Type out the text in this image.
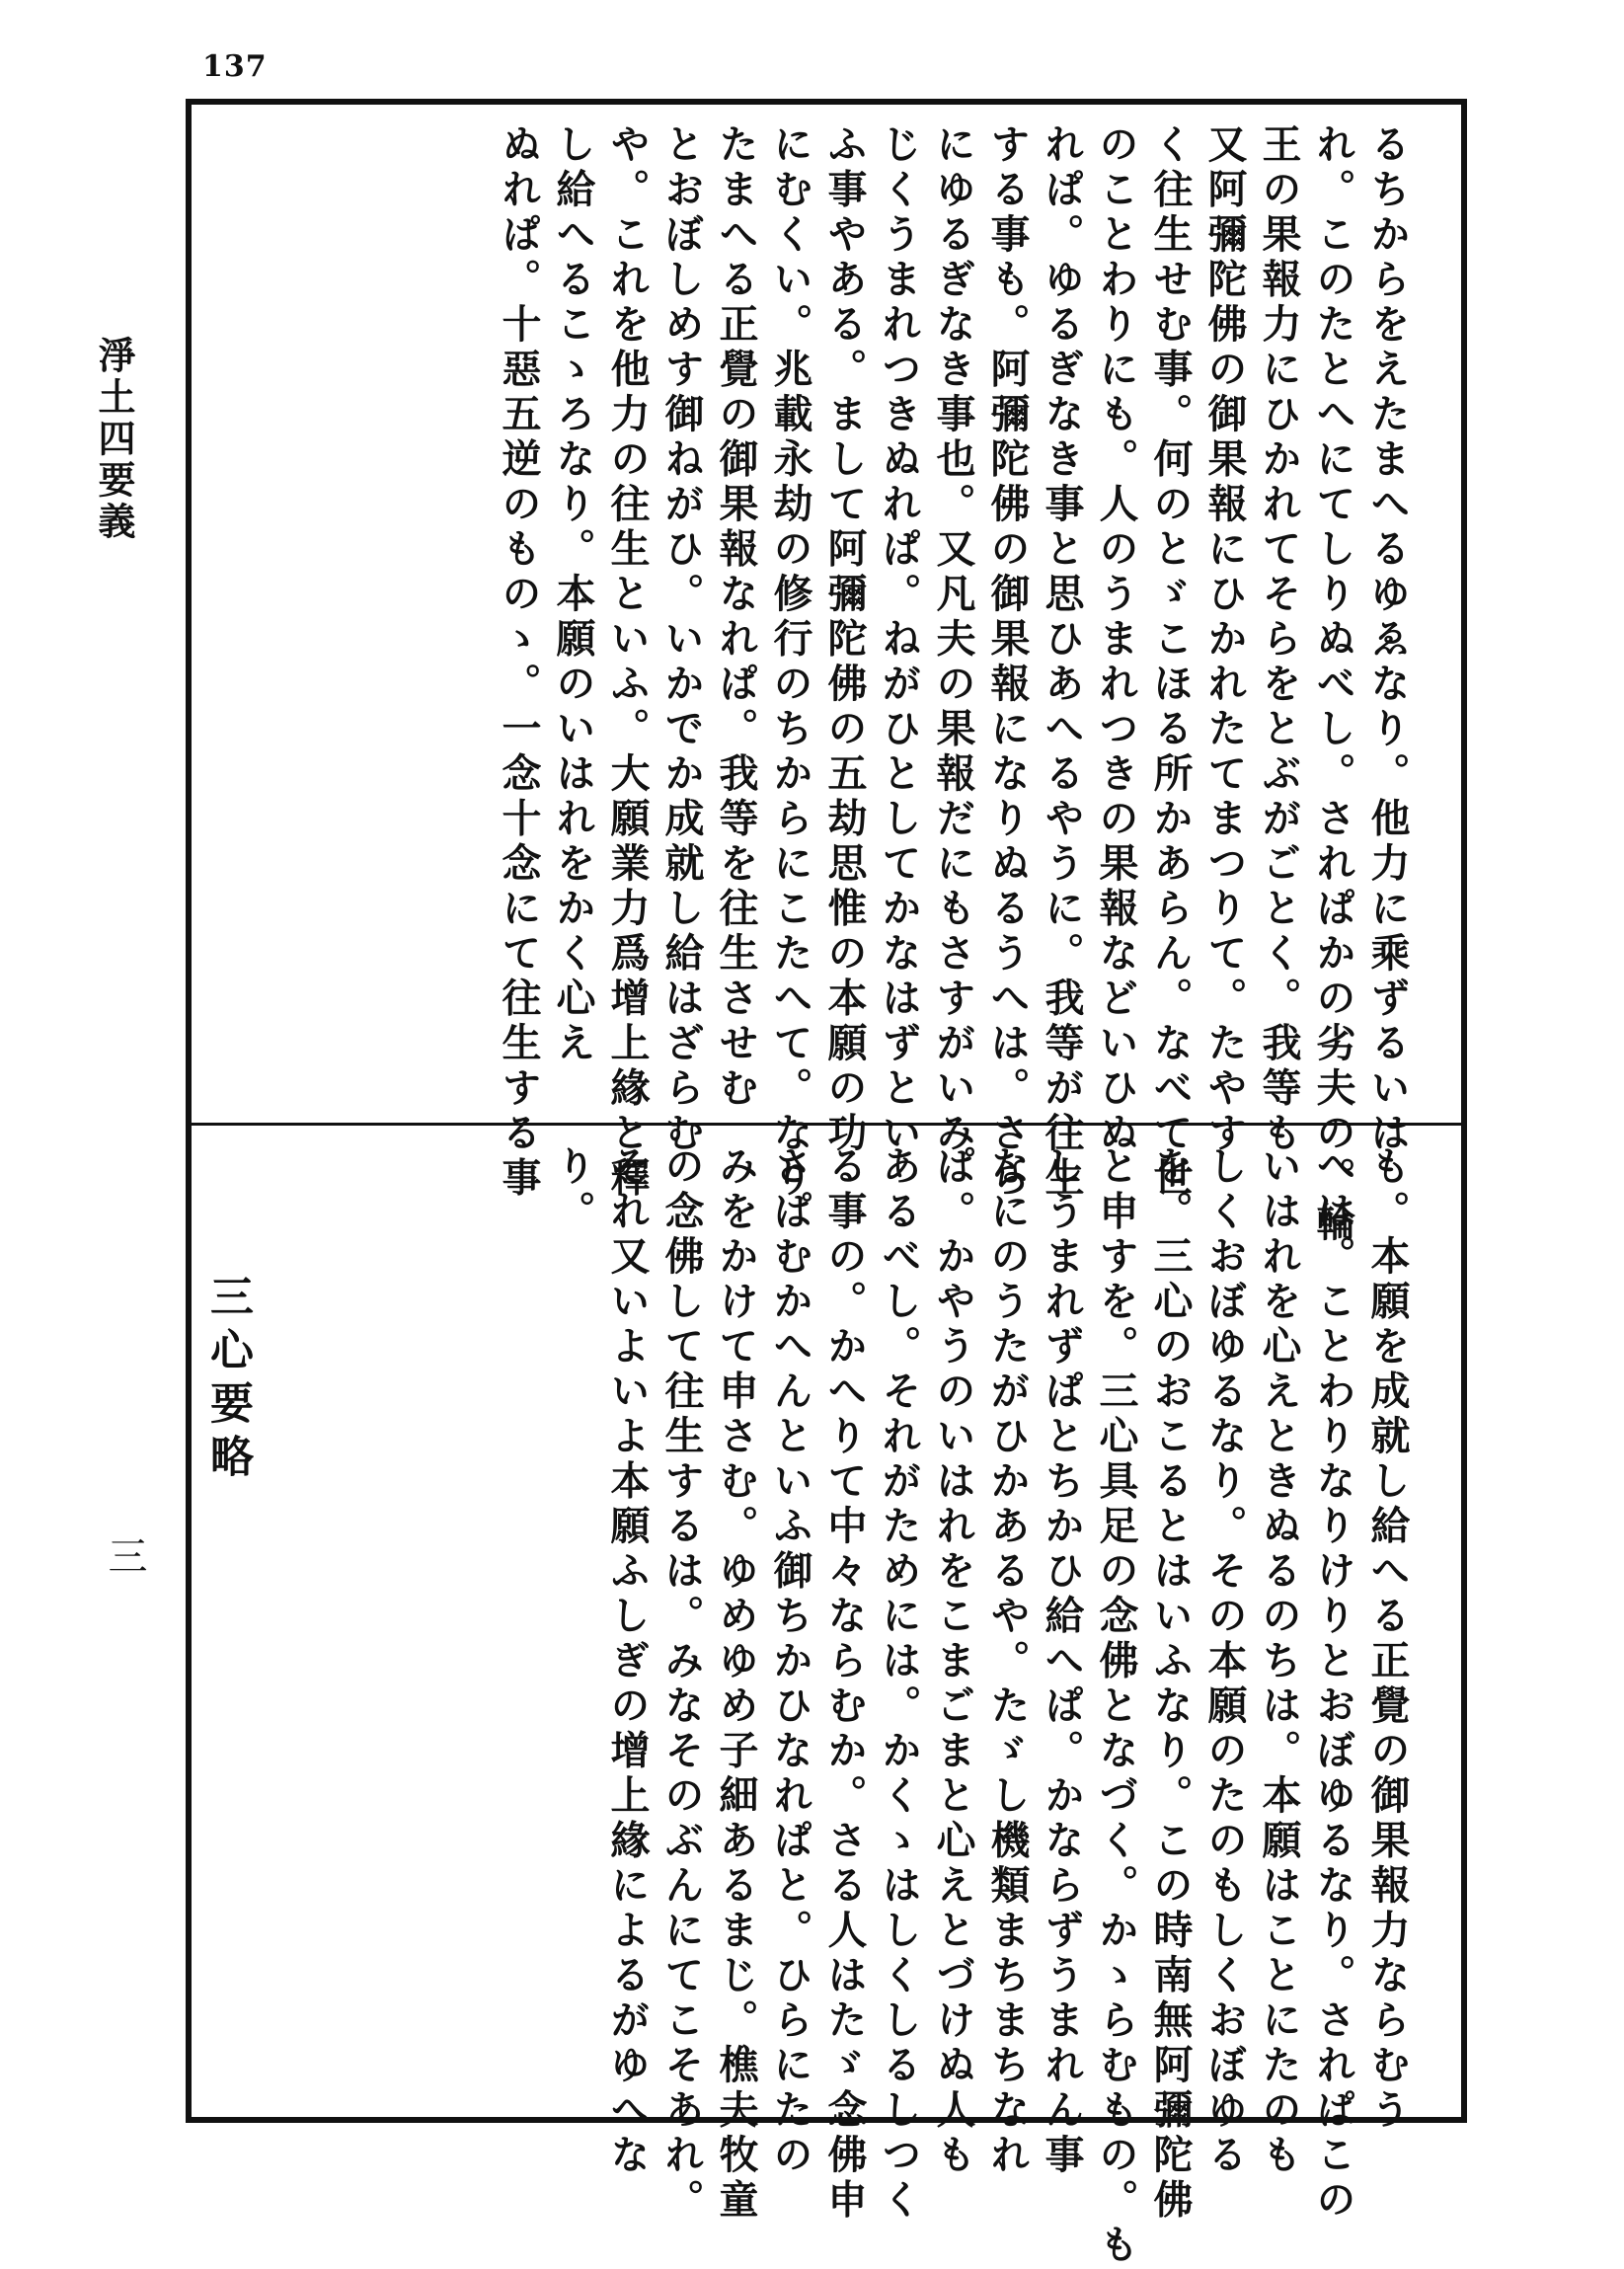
137
淨土四要義
三
るちからをえたまへるゆゑなり。他力に乘ずるいは
れ。このたとへにてしりぬべし。されぱかの劣夫の。輪
王の果報力にひかれてそらをとぶがごとく。我等も
又阿彌陀佛の御果報にひかれたてまつりて。たやす
く往生せむ事。何のとゞこほる所かあらん。なべて世
のことわりにも。人のうまれつきの果報などいひぬ
れぱ。ゆるぎなき事と思ひあへるやうに。我等が往生
する事も。阿彌陀佛の御果報になりぬるうへは。さら
にゆるぎなき事也。又凡夫の果報だにもさすがいみ
じくうまれつきぬれぱ。ねがひとしてかなはずとい
ふ事やある。まして阿彌陀佛の五劫思惟の本願の功
にむくい。兆載永劫の修行のちからにこたへて。なり
たまへる正覺の御果報なれぱ。我等を往生させむ
とおぼしめす御ねがひ。いかでか成就し給はざらむ
や。これを他力の往生といふ。大願業力爲增上緣と釋
し給へるこゝろなり。本願のいはれをかく心え
ぬれぱ。十惡五逆のものゝ。一念十念にて往生する事
も。本願を成就し給へる正覺の御果報力ならむう
へは。ことわりなりけりとおぼゆるなり。されぱこの
いはれを心えときぬるのちは。本願はことにたのも
しくおぼゆるなり。その本願のたのもしくおぼゆる
を。三心のおこるとはいふなり。この時南無阿彌陀佛
と申すを。三心具足の念佛となづく。かゝらむもの。も
しうまれずぱとちかひ給へぱ。かならずうまれん事
なにのうたがひかあるや。たゞし機類まちまちなれ
ぱ。かやうのいはれをこまごまと心えとづけぬ人も
あるべし。それがためには。かくゝはしくしるしつく
る事の。かへりて中々ならむか。さる人はたゞ念佛申
さぱむかへんといふ御ちかひなれぱと。ひらにたの
みをかけて申さむ。ゆめゆめ子細あるまじ。樵夫牧童
の念佛して往生するは。みなそのぶんにてこそあれ。
それ又いよいよ本願ふしぎの增上緣によるがゆへな
り。
三心要略
